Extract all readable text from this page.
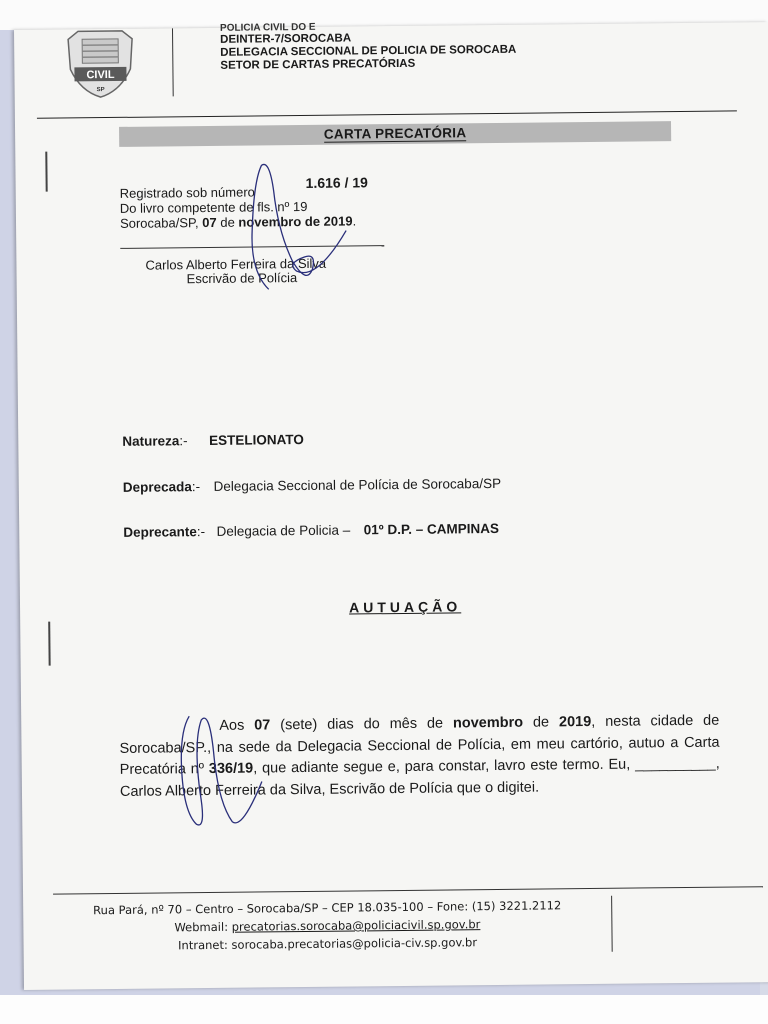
CIVIL
SP
POLICIA CIVIL DO E
DEINTER-7/SOROCABA
DELEGACIA SECCIONAL DE POLICIA DE SOROCABA
SETOR DE CARTAS PRECATÓRIAS
CARTA PRECATÓRIA
Registrado sob número
1.616 / 19
Do livro competente de fls. nº 19
Sorocaba/SP, 07 de novembro de 2019.
Carlos Alberto Ferreira da Silva
Escrivão de Polícia
Natureza:- ESTELIONATO
Deprecada:- Delegacia Seccional de Polícia de Sorocaba/SP
Deprecante:- Delegacia de Policia – 01º D.P. – CAMPINAS
AUTUAÇÃO

Aos 07 (sete) dias do mês de novembro de 2019, nesta cidade de Sorocaba/SP., na sede da Delegacia Seccional de Polícia, em meu cartório, autuo a Carta Precatória nº 336/19, que adiante segue e, para constar, lavro este termo. Eu, __________, Carlos Alberto Ferreira da Silva, Escrivão de Polícia que o digitei.

Rua Pará, nº 70 – Centro – Sorocaba/SP – CEP 18.035-100 – Fone: (15) 3221.2112
Webmail: precatorias.sorocaba@policiacivil.sp.gov.br
Intranet: sorocaba.precatorias@policia-civ.sp.gov.br
